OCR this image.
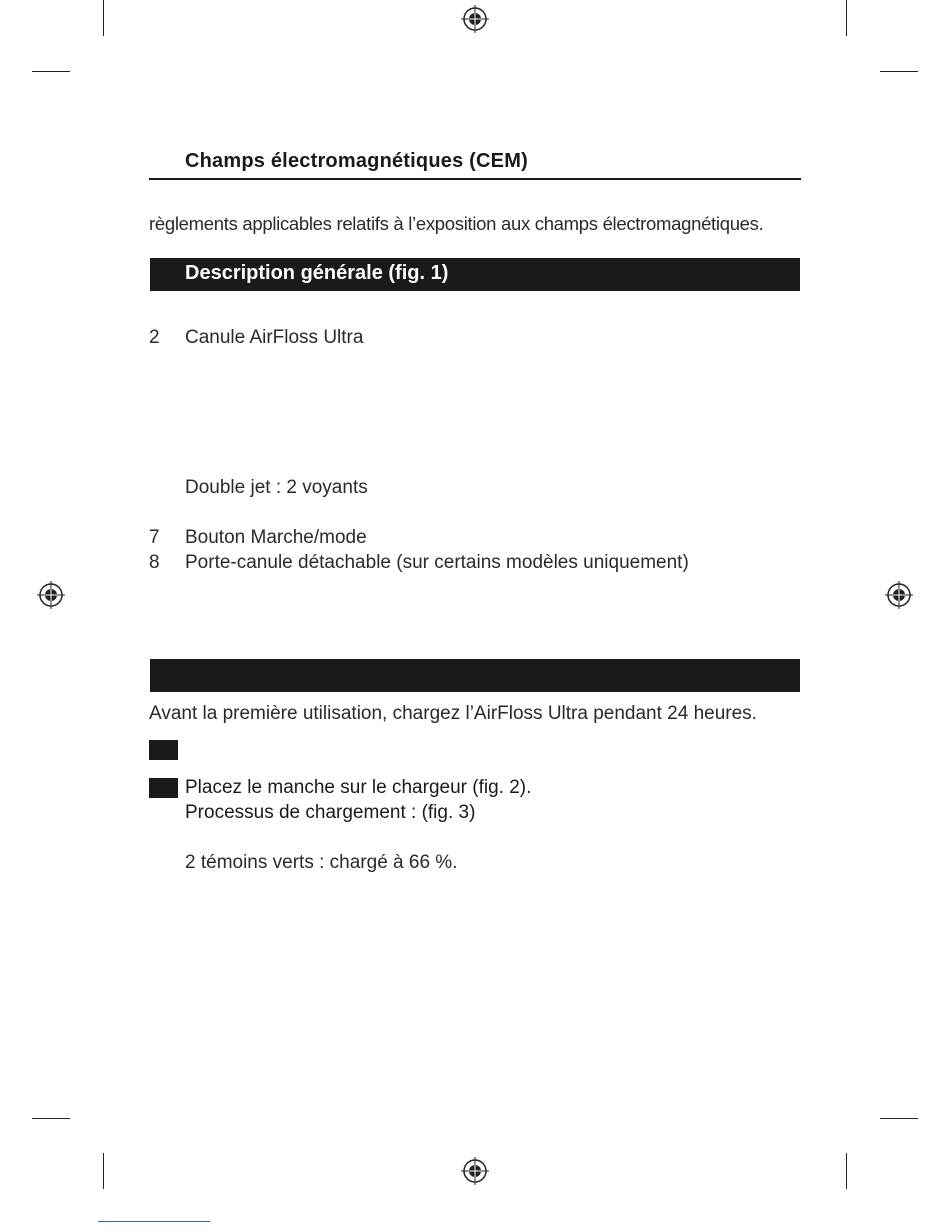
Champs électromagnétiques (CEM)
règlements applicables relatifs à l’exposition aux champs électromagnétiques.
Description générale (fig. 1)
2 Canule AirFloss Ultra
Double jet : 2 voyants
7 Bouton Marche/mode
8 Porte-canule détachable (sur certains modèles uniquement)
Avant la première utilisation, chargez l’AirFloss Ultra pendant 24 heures.
Placez le manche sur le chargeur (fig. 2).
Processus de chargement : (fig. 3)
2 témoins verts : chargé à 66 %.
